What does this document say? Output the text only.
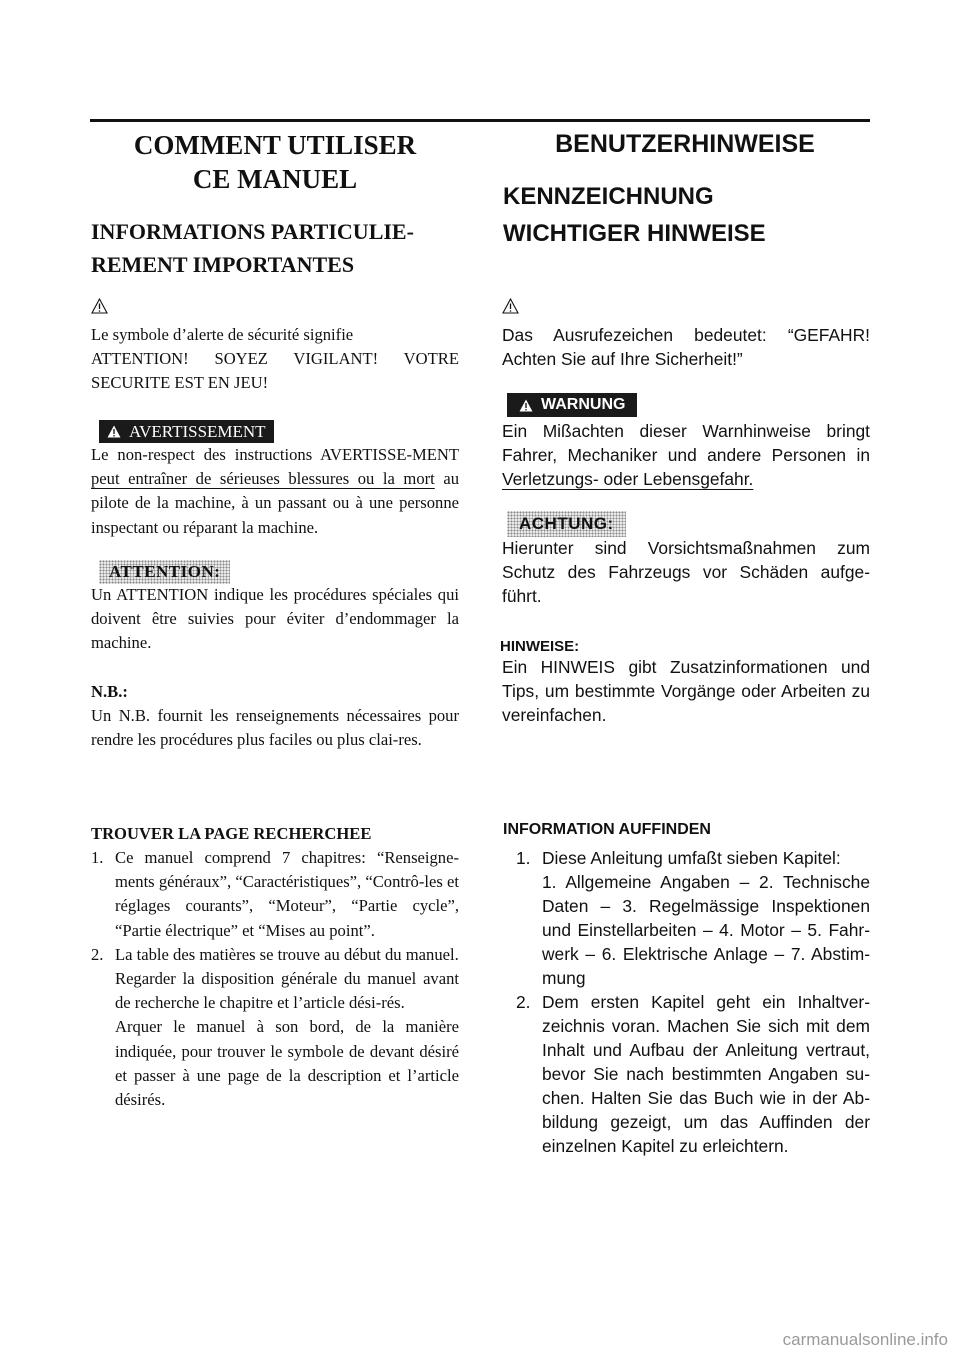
COMMENT UTILISER
CE MANUEL
INFORMATIONS PARTICULIE-
REMENT IMPORTANTES
Le symbole d’alerte de sécurité signifie
ATTENTION! SOYEZ VIGILANT! VOTRE SECURITE EST EN JEU!
AVERTISSEMENT
Le non-respect des instructions AVERTISSE-MENT peut entraîner de sérieuses blessures ou la mort au pilote de la machine, à un passant ou à une personne inspectant ou réparant la machine.
ATTENTION:
Un ATTENTION indique les procédures spéciales qui doivent être suivies pour éviter d’endommager la machine.
N.B.:
Un N.B. fournit les renseignements nécessaires pour rendre les procédures plus faciles ou plus clai-res.
TROUVER LA PAGE RECHERCHEE
1. Ce manuel comprend 7 chapitres: “Renseigne-ments généraux”, “Caractéristiques”, “Contrô-les et réglages courants”, “Moteur”, “Partie cycle”, “Partie électrique” et “Mises au point”.
2. La table des matières se trouve au début du manuel.
Regarder la disposition générale du manuel avant de recherche le chapitre et l’article dési-rés.
Arquer le manuel à son bord, de la manière indiquée, pour trouver le symbole de devant désiré et passer à une page de la description et l’article désirés.
BENUTZERHINWEISE
KENNZEICHNUNG
WICHTIGER HINWEISE
Das Ausrufezeichen bedeutet: “GEFAHR! Achten Sie auf Ihre Sicherheit!”
WARNUNG
Ein Mißachten dieser Warnhinweise bringt Fahrer, Mechaniker und andere Personen in Verletzungs- oder Lebensgefahr.
ACHTUNG:
Hierunter sind Vorsichtsmaßnahmen zum Schutz des Fahrzeugs vor Schäden aufge-führt.
HINWEISE:
Ein HINWEIS gibt Zusatzinformationen und Tips, um bestimmte Vorgänge oder Arbeiten zu vereinfachen.
INFORMATION AUFFINDEN
1. Diese Anleitung umfaßt sieben Kapitel:
1. Allgemeine Angaben – 2. Technische Daten – 3. Regelmässige Inspektionen und Einstellarbeiten – 4. Motor – 5. Fahr-werk – 6. Elektrische Anlage – 7. Abstim-mung
2. Dem ersten Kapitel geht ein Inhaltver-zeichnis voran. Machen Sie sich mit dem Inhalt und Aufbau der Anleitung vertraut, bevor Sie nach bestimmten Angaben su-chen. Halten Sie das Buch wie in der Ab-bildung gezeigt, um das Auffinden der einzelnen Kapitel zu erleichtern.
carmanualsonline.info
